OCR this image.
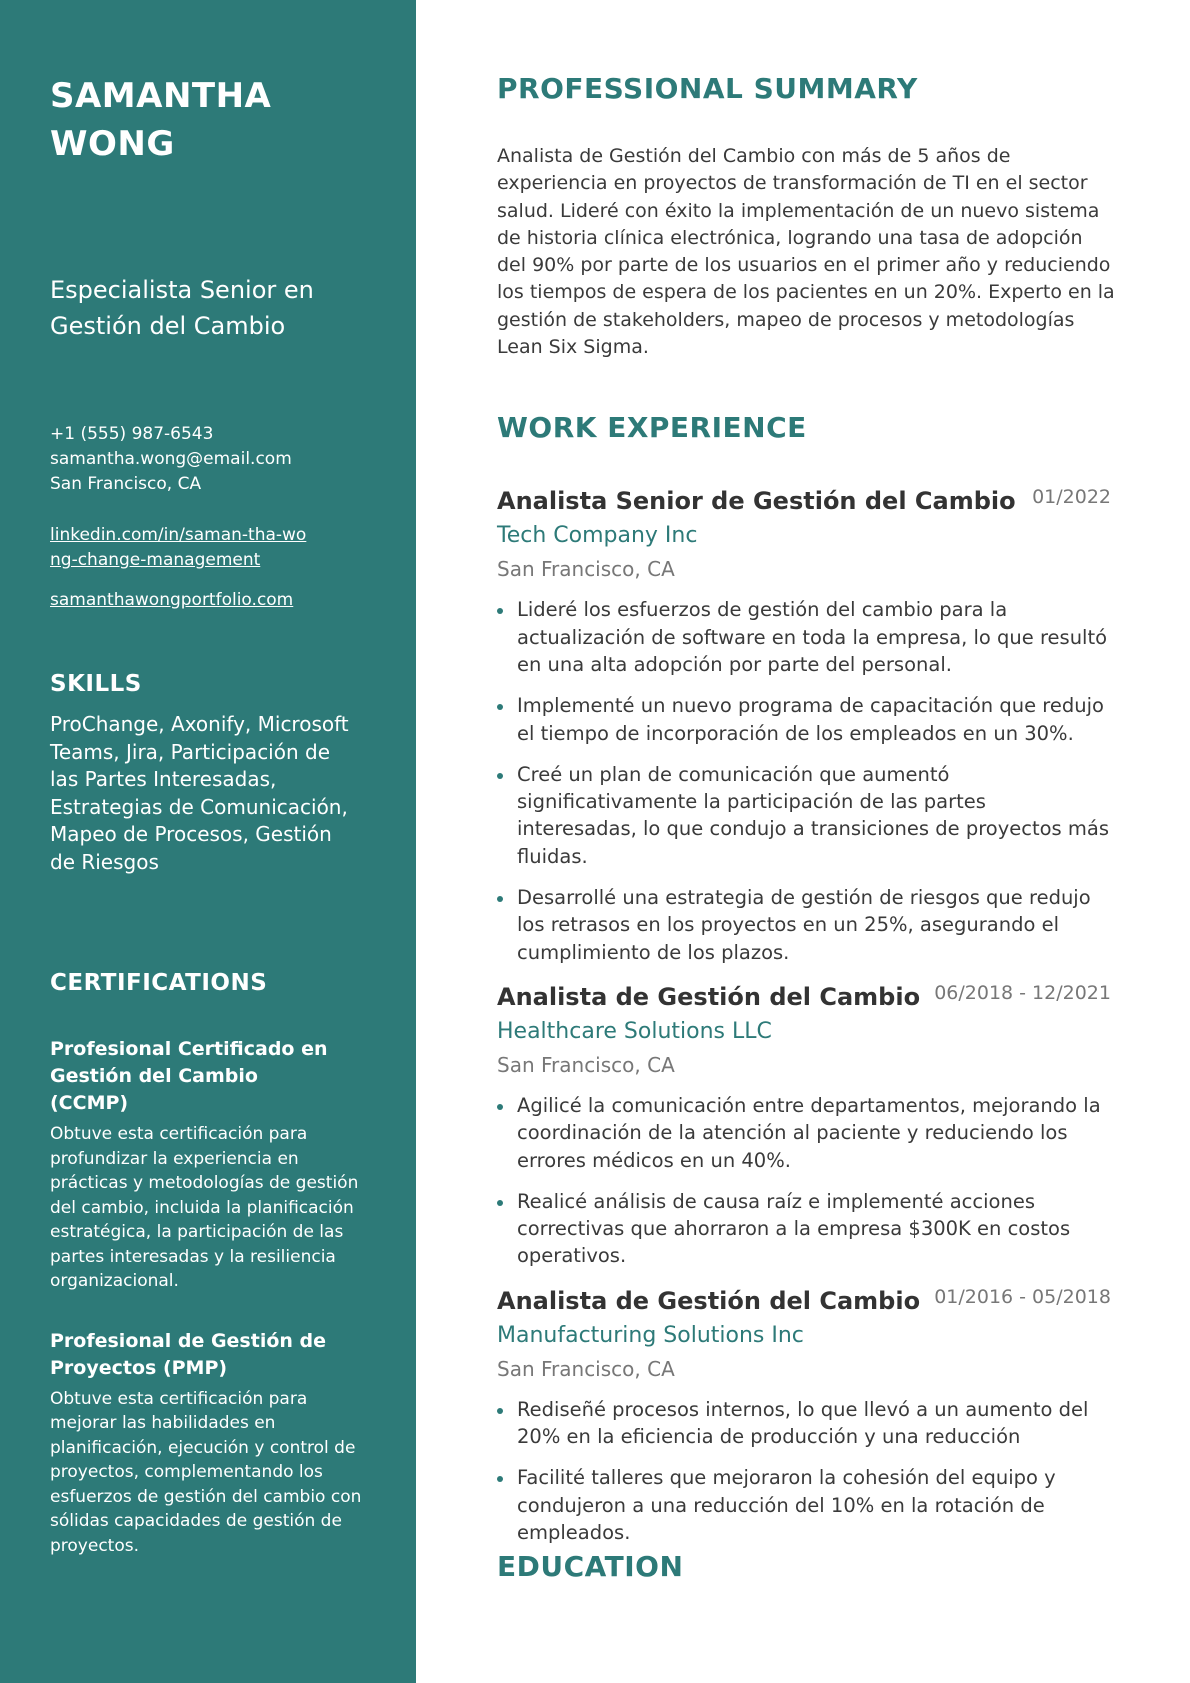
SAMANTHA WONG
Especialista Senior en Gestión del Cambio
+1 (555) 987-6543
samantha.wong@email.com
San Francisco, CA
linkedin.com/in/saman-tha-wong-change-management
samanthawongportfolio.com
SKILLS
ProChange, Axonify, Microsoft Teams, Jira, Participación de las Partes Interesadas, Estrategias de Comunicación, Mapeo de Procesos, Gestión de Riesgos
CERTIFICATIONS
Profesional Certificado en Gestión del Cambio (CCMP)
Obtuve esta certificación para profundizar la experiencia en prácticas y metodologías de gestión del cambio, incluida la planificación estratégica, la participación de las partes interesadas y la resiliencia organizacional.
Profesional de Gestión de Proyectos (PMP)
Obtuve esta certificación para mejorar las habilidades en planificación, ejecución y control de proyectos, complementando los esfuerzos de gestión del cambio con sólidas capacidades de gestión de proyectos.
PROFESSIONAL SUMMARY

Analista de Gestión del Cambio con más de 5 años de experiencia en proyectos de transformación de TI en el sector salud. Lideré con éxito la implementación de un nuevo sistema de historia clínica electrónica, logrando una tasa de adopción del 90% por parte de los usuarios en el primer año y reduciendo los tiempos de espera de los pacientes en un 20%. Experto en la gestión de stakeholders, mapeo de procesos y metodologías Lean Six Sigma.

WORK EXPERIENCE
Analista Senior de Gestión del Cambio 01/2022
Tech Company Inc
San Francisco, CA
Lideré los esfuerzos de gestión del cambio para la actualización de software en toda la empresa, lo que resultó en una alta adopción por parte del personal.
Implementé un nuevo programa de capacitación que redujo el tiempo de incorporación de los empleados en un 30%.
Creé un plan de comunicación que aumentó significativamente la participación de las partes interesadas, lo que condujo a transiciones de proyectos más fluidas.
Desarrollé una estrategia de gestión de riesgos que redujo los retrasos en los proyectos en un 25%, asegurando el cumplimiento de los plazos.
Analista de Gestión del Cambio 06/2018 - 12/2021
Healthcare Solutions LLC
San Francisco, CA
Agilicé la comunicación entre departamentos, mejorando la coordinación de la atención al paciente y reduciendo los errores médicos en un 40%.
Realicé análisis de causa raíz e implementé acciones correctivas que ahorraron a la empresa $300K en costos operativos.
Analista de Gestión del Cambio 01/2016 - 05/2018
Manufacturing Solutions Inc
San Francisco, CA
Rediseñé procesos internos, lo que llevó a un aumento del 20% en la eficiencia de producción y una reducción
Facilité talleres que mejoraron la cohesión del equipo y condujeron a una reducción del 10% en la rotación de empleados.
EDUCATION
